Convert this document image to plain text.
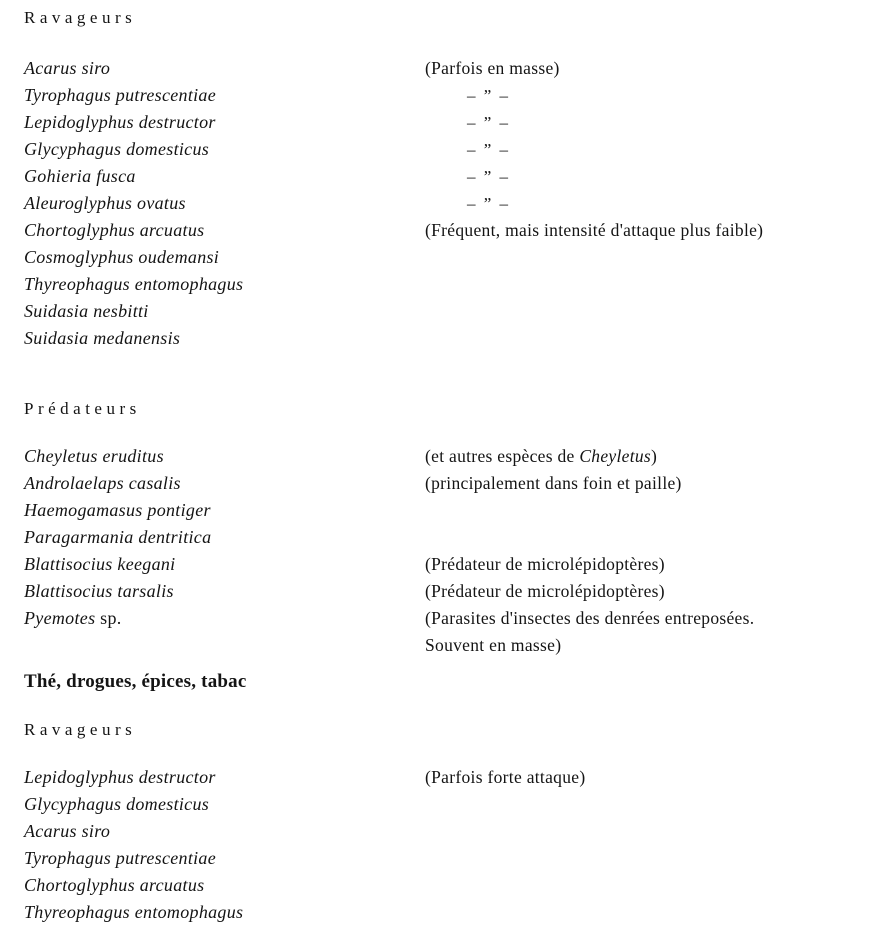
Ravageurs
Acarus siro	(Parfois en masse)
Tyrophagus putrescentiae	– ” –
Lepidoglyphus destructor	– ” –
Glycyphagus domesticus	– ” –
Gohieria fusca	– ” –
Aleuroglyphus ovatus	– ” –
Chortoglyphus arcuatus	(Fréquent, mais intensité d'attaque plus faible)
Cosmoglyphus oudemansi
Thyreophagus entomophagus
Suidasia nesbitti
Suidasia medanensis
Prédateurs
Cheyletus eruditus	(et autres espèces de Cheyletus)
Androlaelaps casalis	(principalement dans foin et paille)
Haemogamasus pontiger
Paragarmania dentritica
Blattisocius keegani	(Prédateur de microlépidoptères)
Blattisocius tarsalis	(Prédateur de microlépidoptères)
Pyemotes sp.	(Parasites d'insectes des denrées entreposées.
Souvent en masse)
Thé, drogues, épices, tabac
Ravageurs
Lepidoglyphus destructor	(Parfois forte attaque)
Glycyphagus domesticus
Acarus siro
Tyrophagus putrescentiae
Chortoglyphus arcuatus
Thyreophagus entomophagus
